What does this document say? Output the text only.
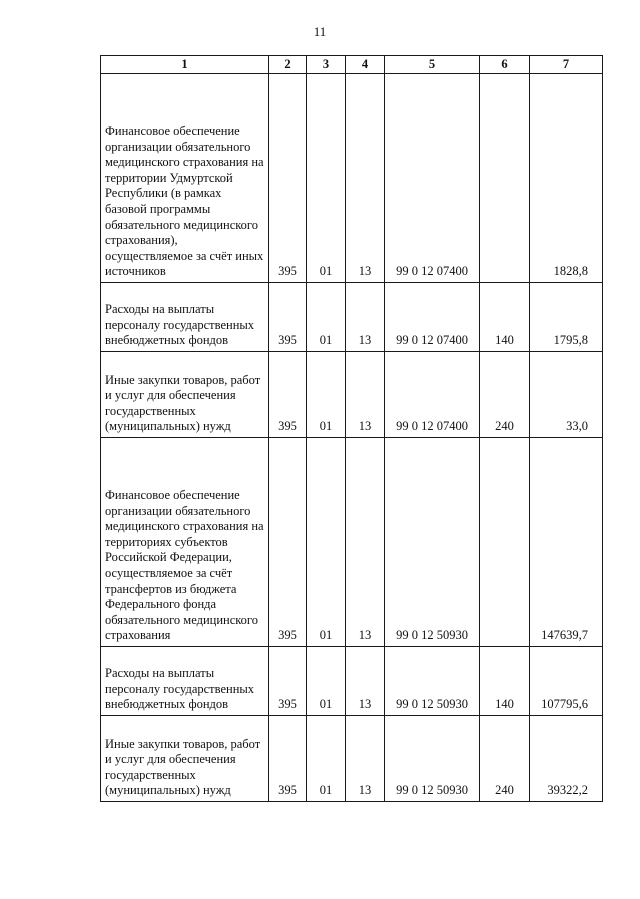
11
1	2	3	4	5	6	7
Финансовое обеспечение организации обязательного медицинского страхования на территории Удмуртской Республики (в рамках базовой программы обязательного медицинского страхования), осуществляемое за счёт иных источников	395	01	13	99 0 12 07400		1828,8
Расходы на выплаты персоналу государственных внебюджетных фондов	395	01	13	99 0 12 07400	140	1795,8
Иные закупки товаров, работ и услуг для обеспечения государственных (муниципальных) нужд	395	01	13	99 0 12 07400	240	33,0
Финансовое обеспечение организации обязательного медицинского страхования на территориях субъектов Российской Федерации, осуществляемое за счёт трансфертов из бюджета Федерального фонда обязательного медицинского страхования	395	01	13	99 0 12 50930		147639,7
Расходы на выплаты персоналу государственных внебюджетных фондов	395	01	13	99 0 12 50930	140	107795,6
Иные закупки товаров, работ и услуг для обеспечения государственных (муниципальных) нужд	395	01	13	99 0 12 50930	240	39322,2
